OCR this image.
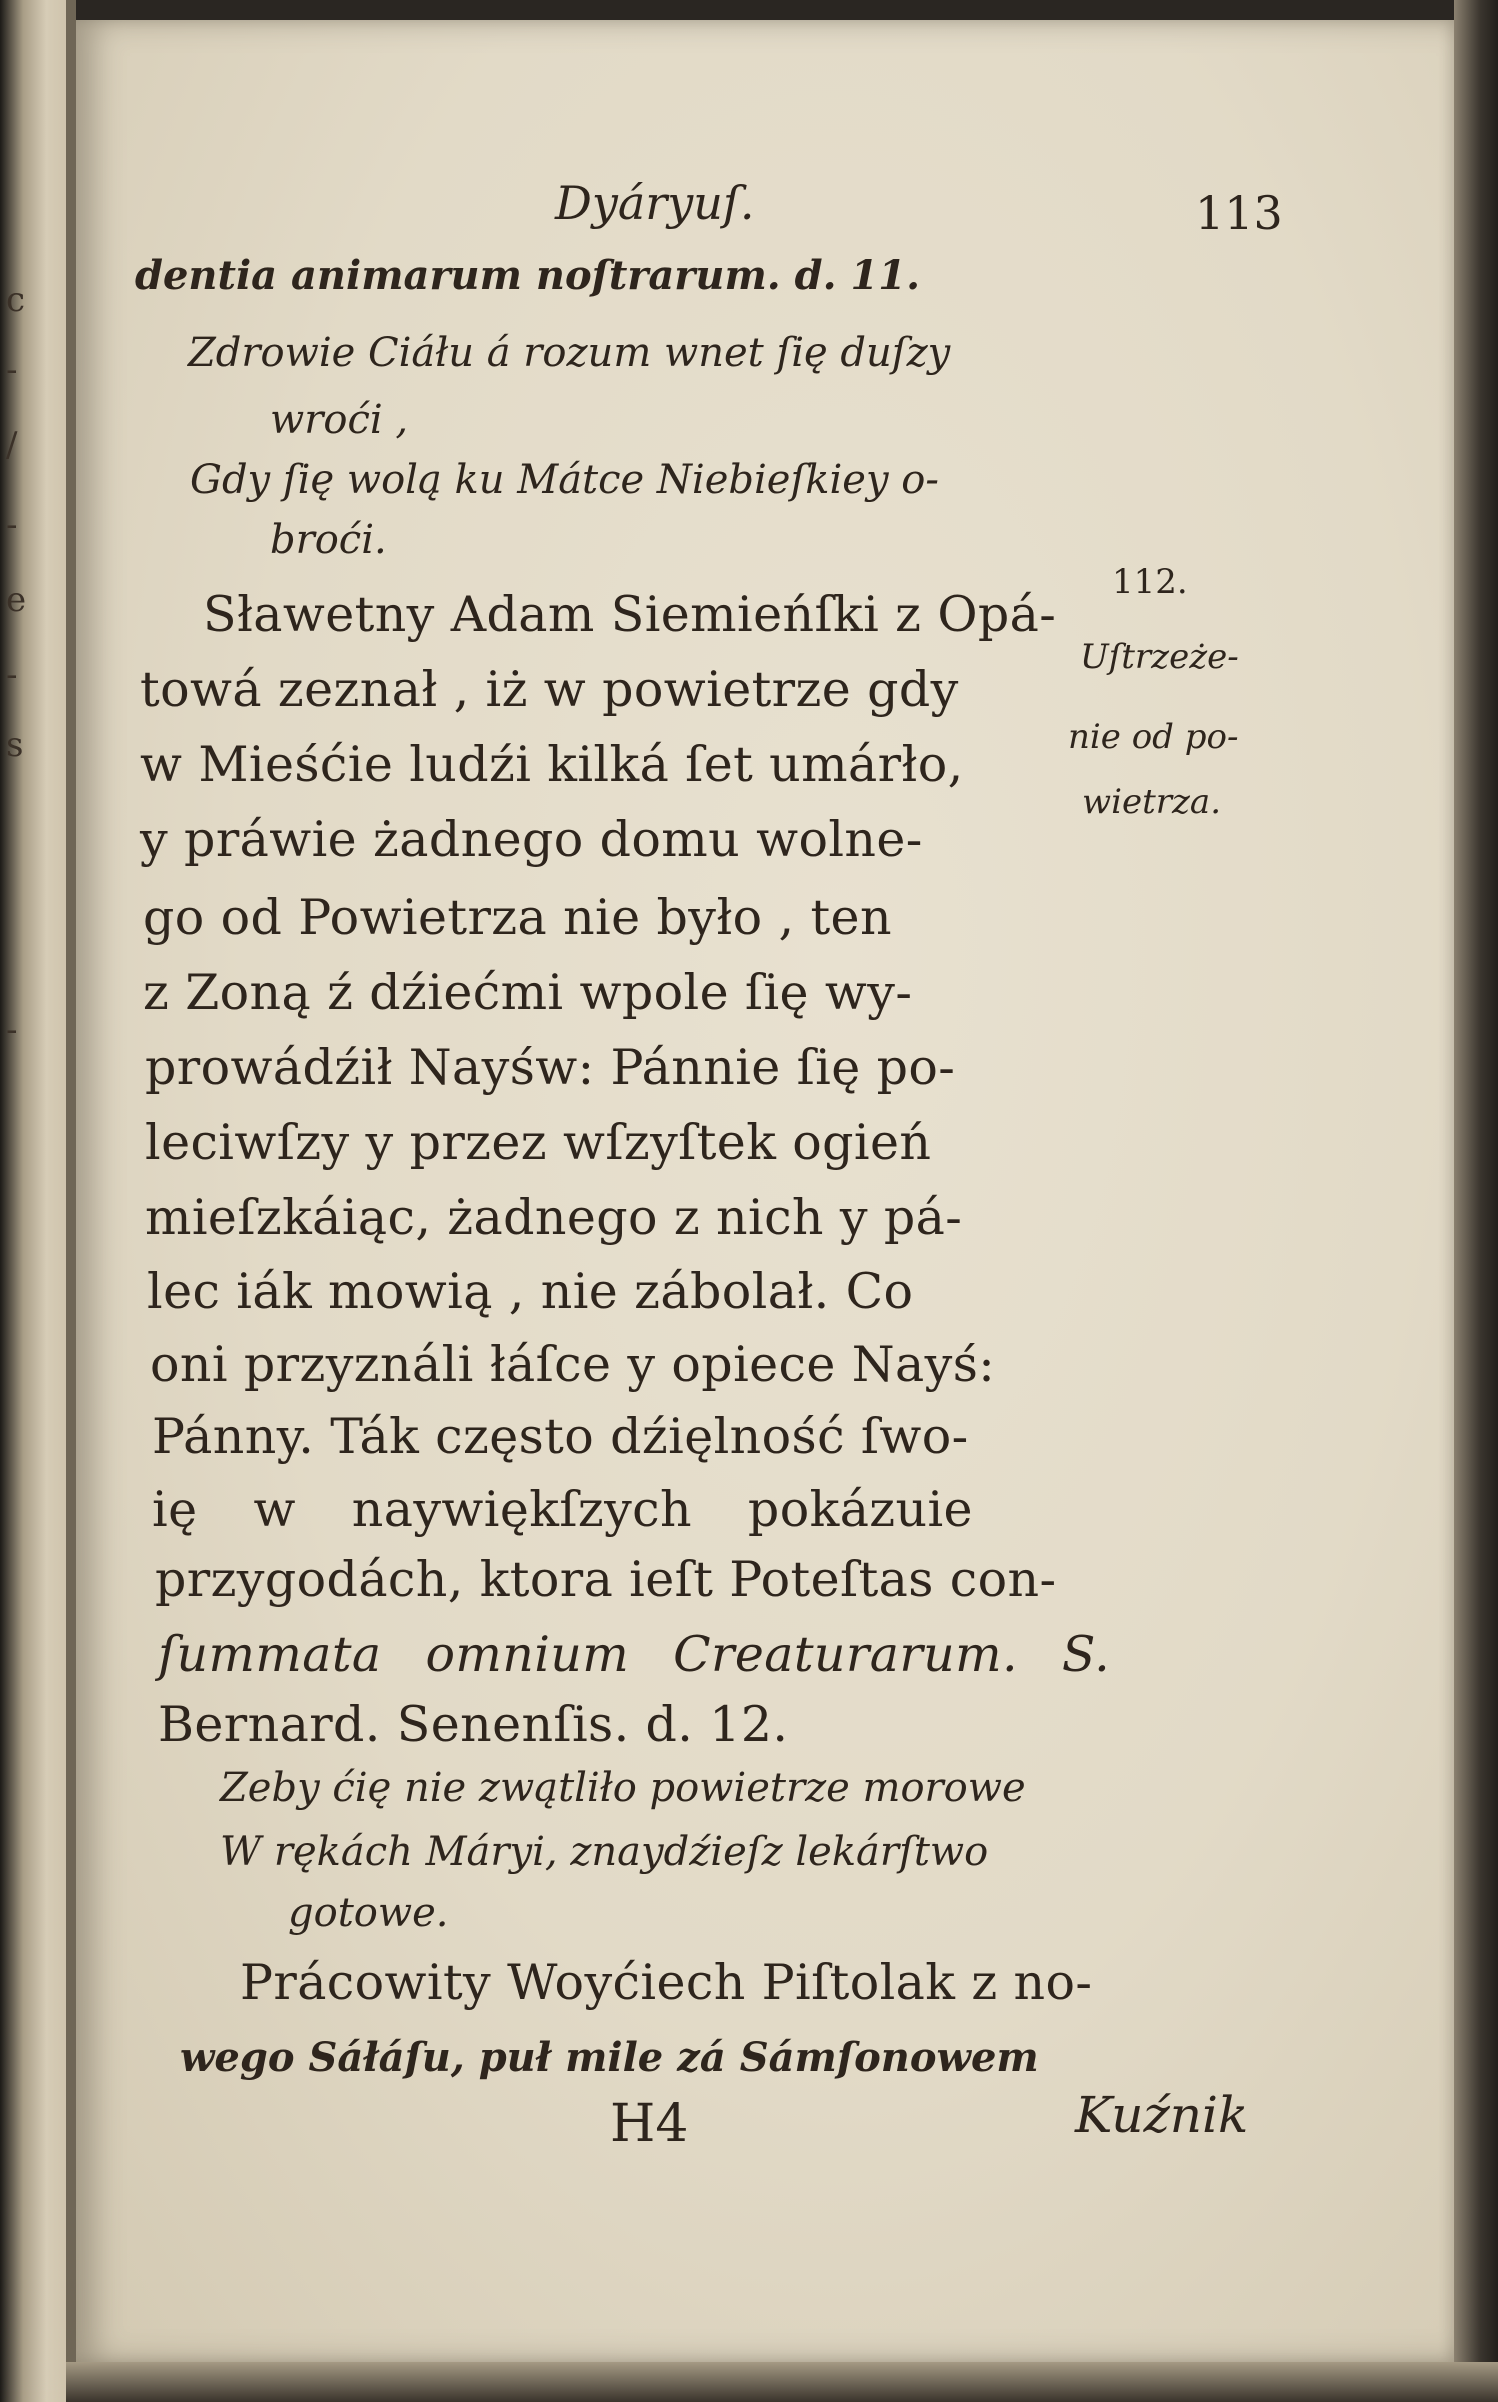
c
-
/
-
e
-
s
-
Dyáryuſ.	113
dentia animarum noſtrarum. d. 11.
Zdrowie Ciáłu á rozum wnet ſię duſzy
wroći ,
Gdy ſię wolą ku Mátce Niebieſkiey o-
broći.
Sławetny Adam Siemieńſki z Opá-
towá zeznał , iż w powietrze gdy
w Mieśćie ludźi kilká ſet umárło,
y práwie żadnego domu wolne-
go od Powietrza nie było , ten
z Zoną ź dźiećmi wpole ſię wy-
prowádźił Nayśw: Pánnie ſię po-
leciwſzy y przez wſzyſtek ogień
mieſzkáiąc, żadnego z nich y pá-
lec iák mowią , nie zábolał. Co
oni przyználi łáſce y opiece Nayś:
Pánny. Ták często dźięlność ſwo-
ię w naywiękſzych pokázuie
przygodách, ktora ieſt Poteſtas con-
ſummata omnium Creaturarum. S.
Bernard. Senenſis. d. 12.
Zeby ćię nie zwątliło powietrze morowe
W rękách Máryi, znaydźieſz lekárſtwo
gotowe.
Prácowity Woyćiech Piſtolak z no-
wego Sáłáſu, puł mile zá Sámſonowem
H4	Kuźnik
112.
Uſtrzeże-
nie od po-
wietrza.
